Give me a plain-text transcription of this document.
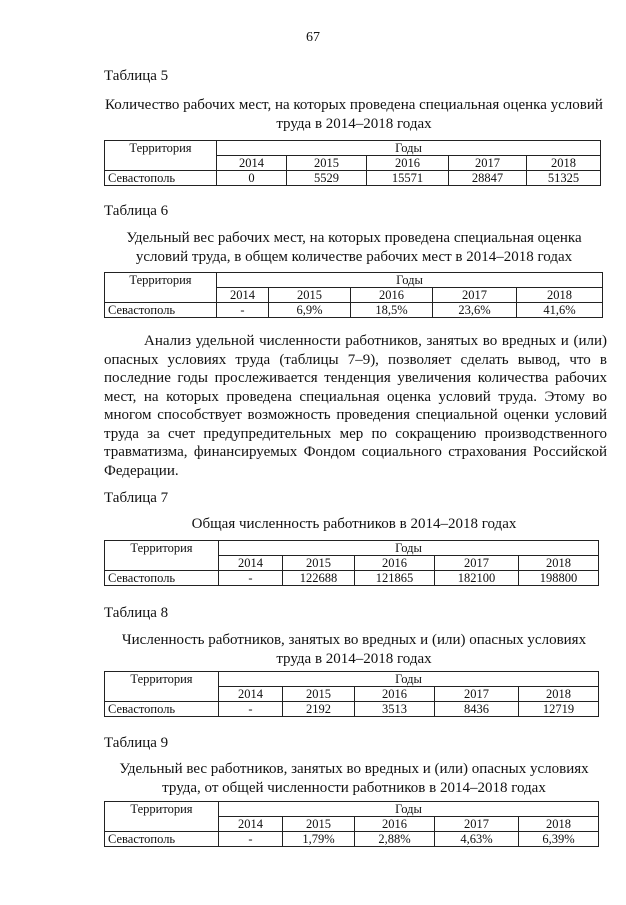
67
Таблица 5
Количество рабочих мест, на которых проведена специальная оценка условий труда в 2014–2018 годах
Территория	Годы				
	2014	2015	2016	2017	2018
Севастополь	0	5529	15571	28847	51325
Таблица 6
Удельный вес рабочих мест, на которых проведена специальная оценка условий труда, в общем количестве рабочих мест в 2014–2018 годах
Территория	Годы				
	2014	2015	2016	2017	2018
Севастополь	-	6,9%	18,5%	23,6%	41,6%
Анализ удельной численности работников, занятых во вредных и (или) опасных условиях труда (таблицы 7–9), позволяет сделать вывод, что в последние годы прослеживается тенденция увеличения количества рабочих мест, на которых проведена специальная оценка условий труда. Этому во многом способствует возможность проведения специальной оценки условий труда за счет предупредительных мер по сокращению производственного травматизма, финансируемых Фондом социального страхования Российской Федерации.
Таблица 7
Общая численность работников в 2014–2018 годах
Территория	Годы				
	2014	2015	2016	2017	2018
Севастополь	-	122688	121865	182100	198800
Таблица 8
Численность работников, занятых во вредных и (или) опасных условиях труда в 2014–2018 годах
Территория	Годы				
	2014	2015	2016	2017	2018
Севастополь	-	2192	3513	8436	12719
Таблица 9
Удельный вес работников, занятых во вредных и (или) опасных условиях труда, от общей численности работников в 2014–2018 годах
Территория	Годы				
	2014	2015	2016	2017	2018
Севастополь	-	1,79%	2,88%	4,63%	6,39%
